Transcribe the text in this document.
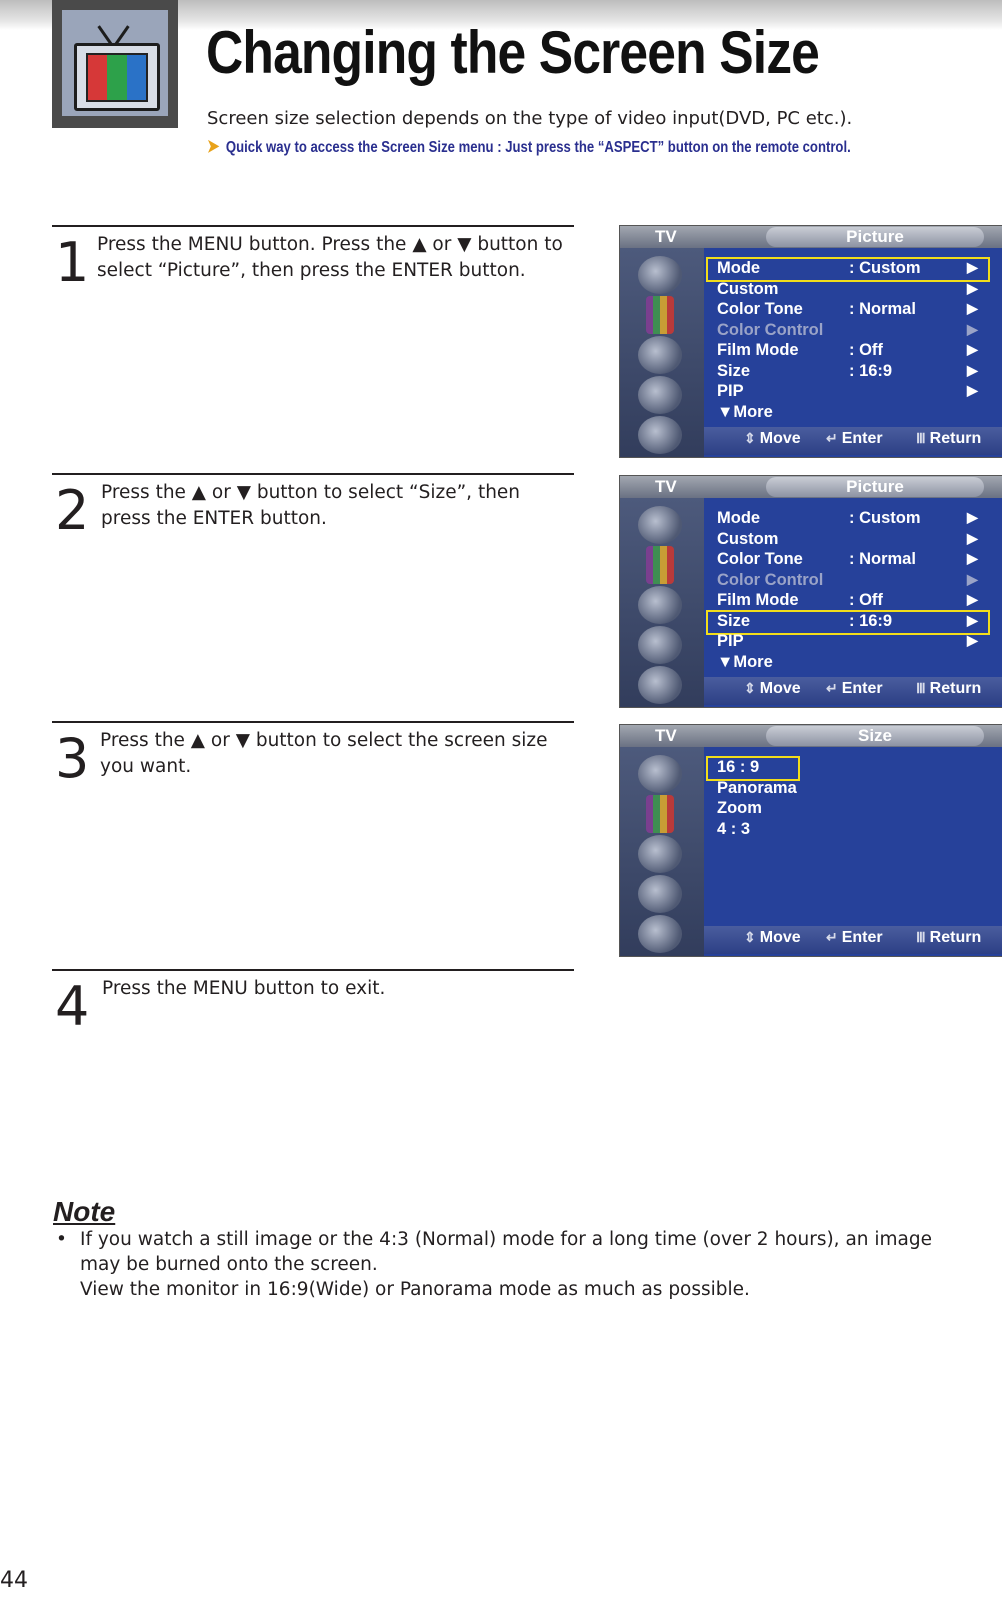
Changing the Screen Size
Screen size selection depends on the type of video input(DVD, PC etc.).
➤ Quick way to access the Screen Size menu : Just press the “ASPECT” button on the remote control.
1 Press the MENU button. Press the ▲ or ▼ button to select “Picture”, then press the ENTER button.
2 Press the ▲ or ▼ button to select “Size”, then press the ENTER button.
3 Press the ▲ or ▼ button to select the screen size you want.
4 Press the MENU button to exit.
TV	Picture
Mode	: Custom	▶
Custom	▶
Color Tone	: Normal	▶
Color Control	▶
Film Mode	: Off	▶
Size	: 16:9	▶
PIP	▶
▼More
⇕ Move ↵ Enter Ⅲ Return
TV	Picture
Mode	: Custom	▶
Custom	▶
Color Tone	: Normal	▶
Color Control	▶
Film Mode	: Off	▶
Size	: 16:9	▶
PIP	▶
▼More
⇕ Move ↵ Enter Ⅲ Return
TV	Size
16 : 9
Panorama
Zoom
4 : 3
⇕ Move ↵ Enter Ⅲ Return
Note
• If you watch a still image or the 4:3 (Normal) mode for a long time (over 2 hours), an image may be burned onto the screen.
View the monitor in 16:9(Wide) or Panorama mode as much as possible.
44
